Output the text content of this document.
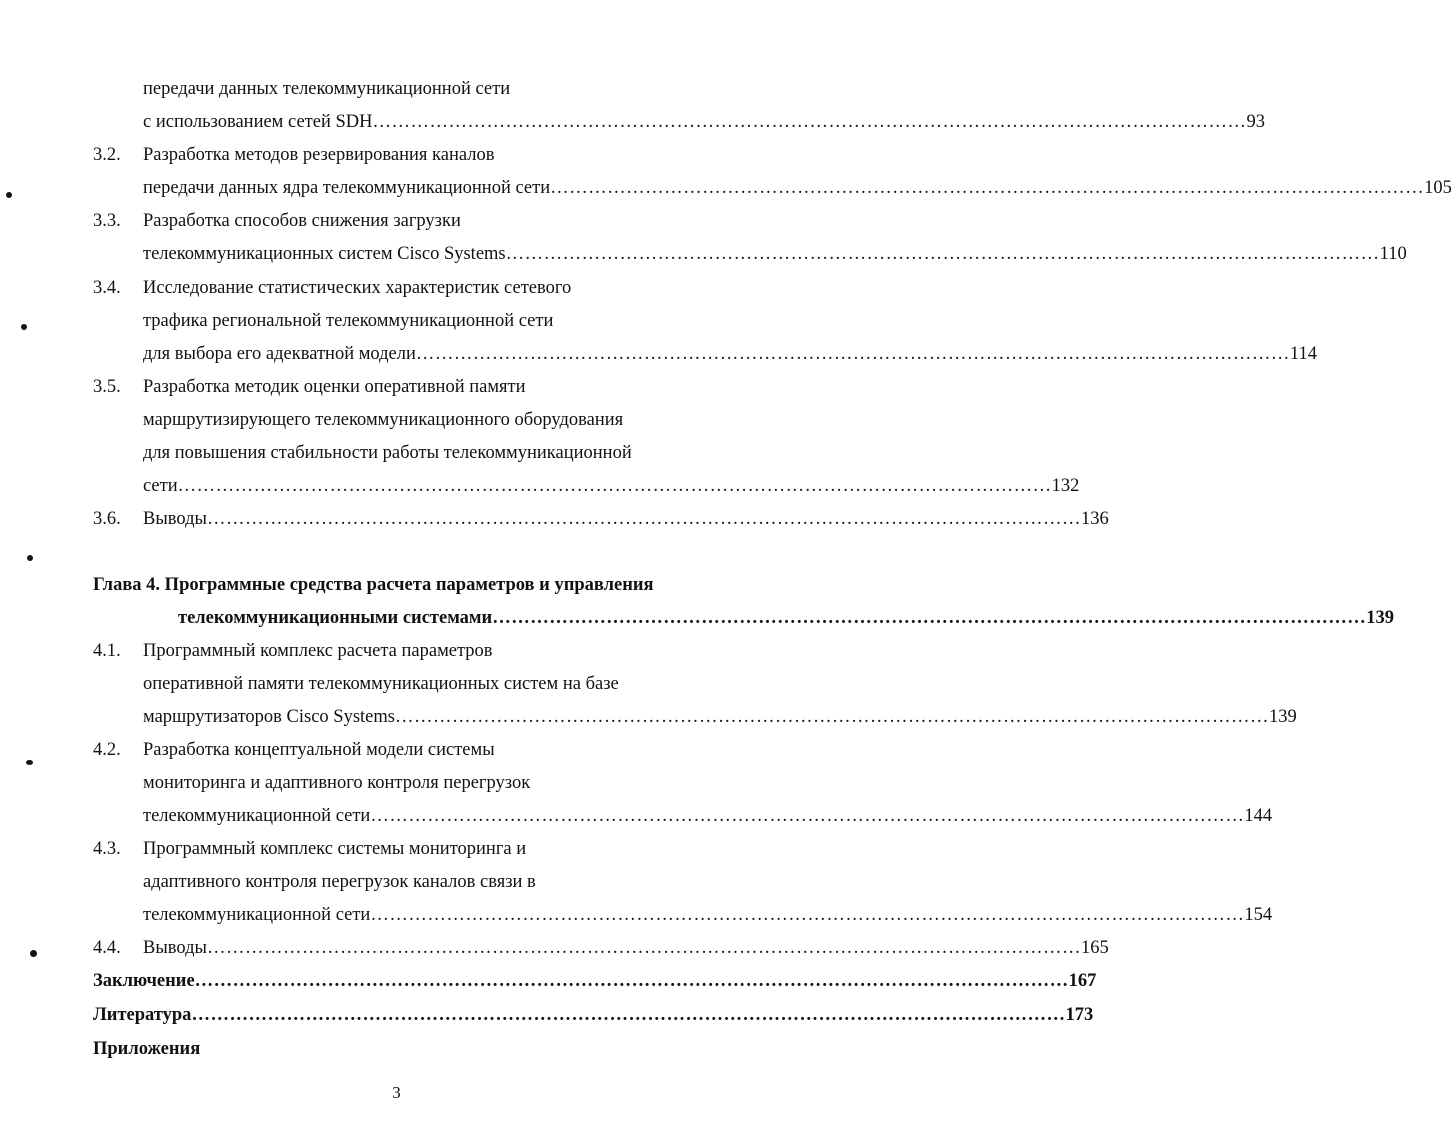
передачи данных телекоммуникационной сети
с использованием сетей SDH ………………………………………………………………………………………………………………………… 93
3.2. Разработка методов резервирования каналов
передачи данных ядра телекоммуникационной сети ………………………………………………………………………………………………………………………… 105
3.3. Разработка способов снижения загрузки
телекоммуникационных систем Cisco Systems ………………………………………………………………………………………………………………………… 110
3.4. Исследование статистических характеристик сетевого
трафика региональной телекоммуникационной сети
для выбора его адекватной модели ………………………………………………………………………………………………………………………… 114
3.5. Разработка методик оценки оперативной памяти
маршрутизирующего телекоммуникационного оборудования
для повышения стабильности работы телекоммуникационной
сети ………………………………………………………………………………………………………………………… 132
3.6. Выводы ………………………………………………………………………………………………………………………… 136
Глава 4. Программные средства расчета параметров и управления
телекоммуникационными системами ………………………………………………………………………………………………………………………… 139
4.1. Программный комплекс расчета параметров
оперативной памяти телекоммуникационных систем на базе
маршрутизаторов Cisco Systems ………………………………………………………………………………………………………………………… 139
4.2. Разработка концептуальной модели системы
мониторинга и адаптивного контроля перегрузок
телекоммуникационной сети ………………………………………………………………………………………………………………………… 144
4.3. Программный комплекс системы мониторинга и
адаптивного контроля перегрузок каналов связи в
телекоммуникационной сети ………………………………………………………………………………………………………………………… 154
4.4. Выводы ………………………………………………………………………………………………………………………… 165
Заключение ………………………………………………………………………………………………………………………… 167
Литература ………………………………………………………………………………………………………………………… 173
Приложения
3
